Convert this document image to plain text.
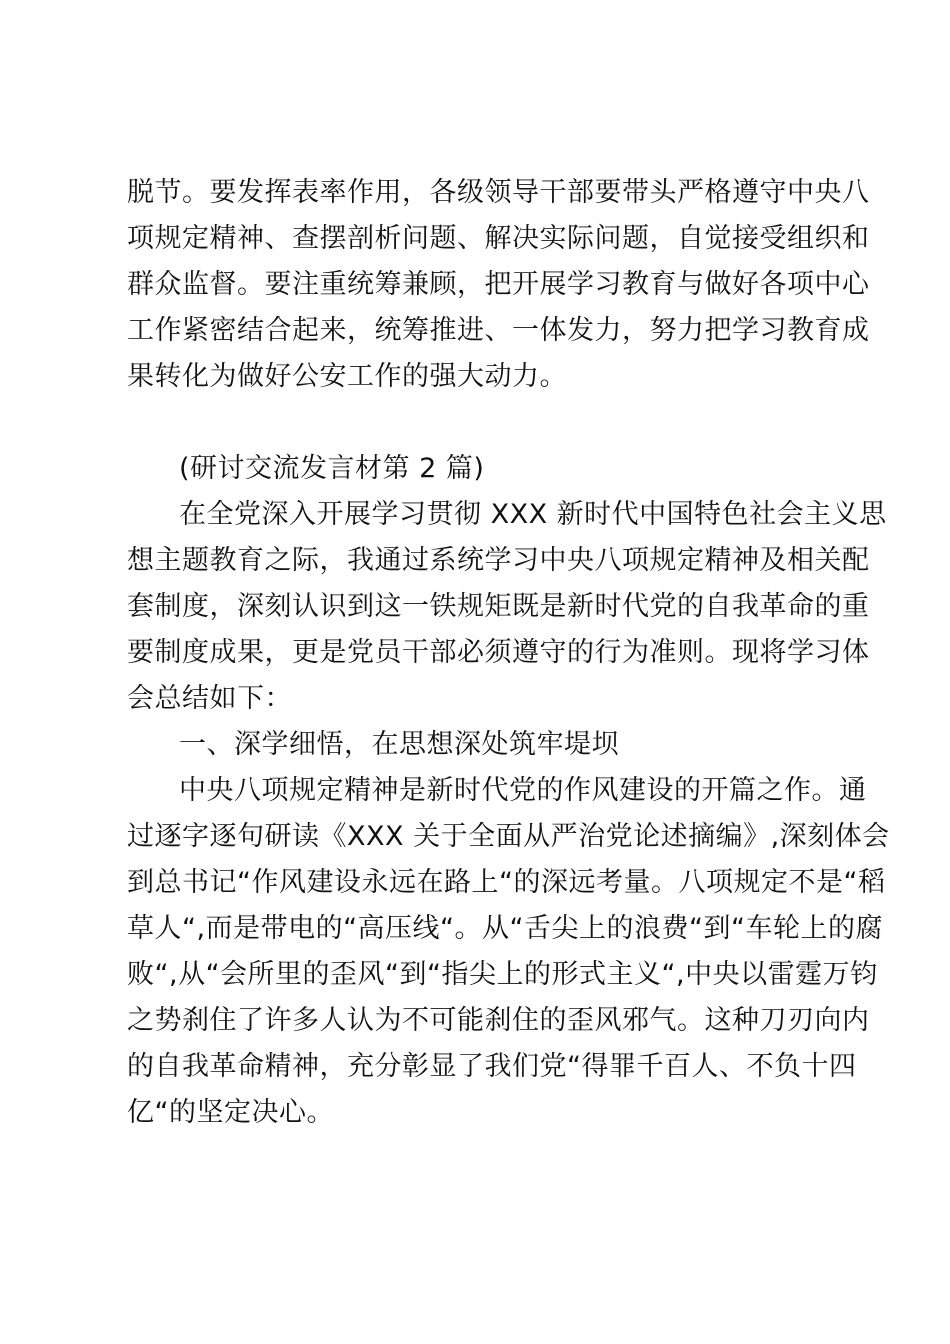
脱节。要发挥表率作用，各级领导干部要带头严格遵守中央八
项规定精神、查摆剖析问题、解决实际问题，自觉接受组织和
群众监督。要注重统筹兼顾，把开展学习教育与做好各项中心
工作紧密结合起来，统筹推进、一体发力，努力把学习教育成
果转化为做好公安工作的强大动力。
(研讨交流发言材第 2 篇)
在全党深入开展学习贯彻 XXX 新时代中国特色社会主义思
想主题教育之际，我通过系统学习中央八项规定精神及相关配
套制度，深刻认识到这一铁规矩既是新时代党的自我革命的重
要制度成果，更是党员干部必须遵守的行为准则。现将学习体
会总结如下：
一、深学细悟，在思想深处筑牢堤坝
中央八项规定精神是新时代党的作风建设的开篇之作。通
过逐字逐句研读《XXX 关于全面从严治党论述摘编》,深刻体会
到总书记“作风建设永远在路上“的深远考量。八项规定不是“稻
草人“,而是带电的“高压线“。从“舌尖上的浪费“到“车轮上的腐
败“,从“会所里的歪风“到“指尖上的形式主义“,中央以雷霆万钧
之势刹住了许多人认为不可能刹住的歪风邪气。这种刀刃向内
的自我革命精神，充分彰显了我们党“得罪千百人、不负十四
亿“的坚定决心。
